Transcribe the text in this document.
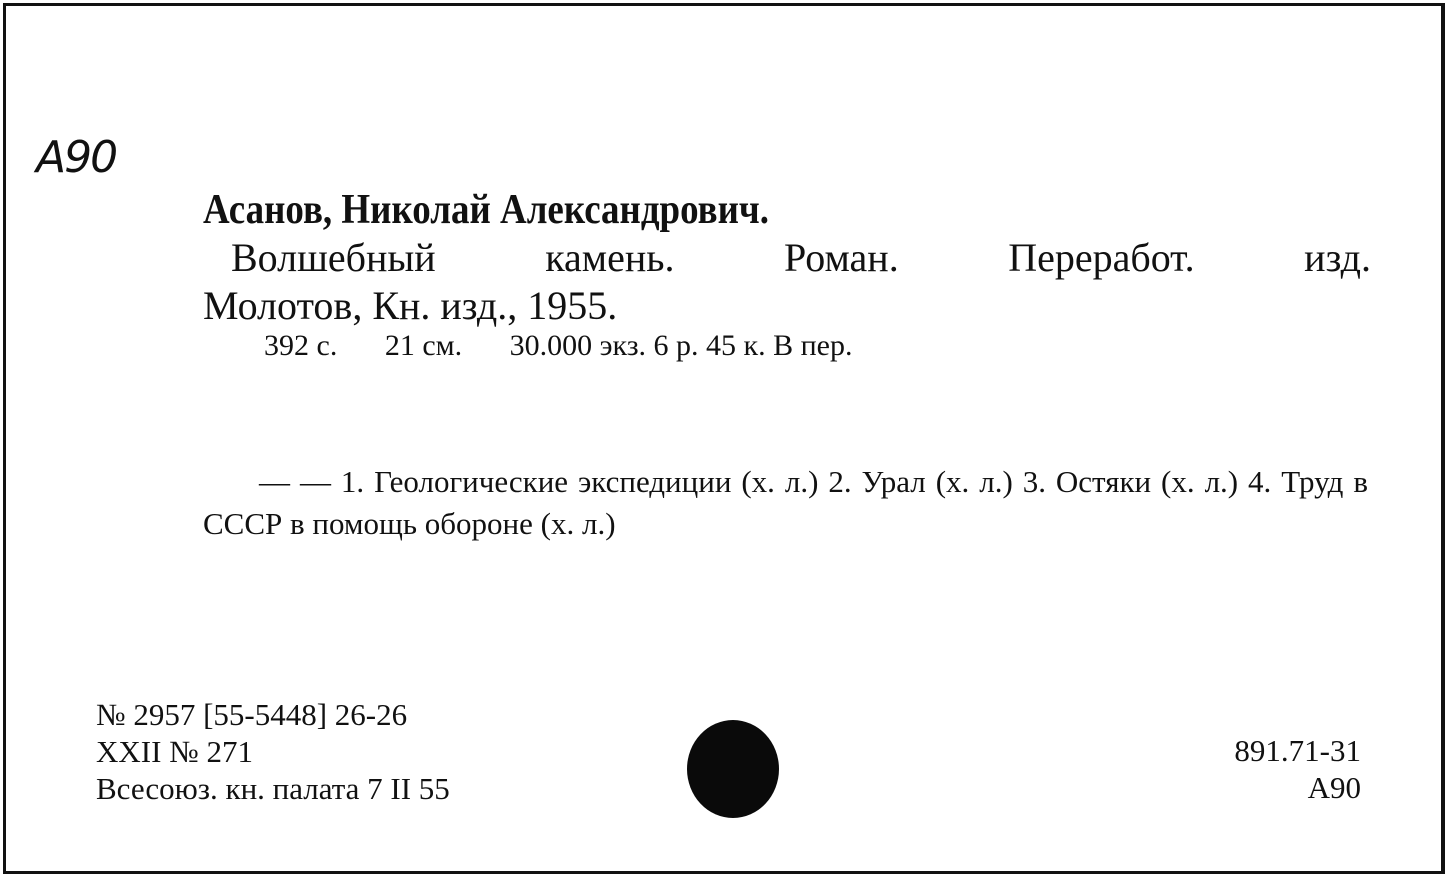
A90
Асанов, Николай Александрович.
Волшебный	камень.	Роман.	Переработ.	изд.
Молотов, Кн. изд., 1955.
392 с. 21 см. 30.000 экз. 6 р. 45 к. В пер.
— — 1. Геологические экспедиции (х. л.) 2. Урал (х. л.) 3. Остяки (х. л.) 4. Труд в СССР в помощь обороне (х. л.)
№ 2957 [55-5448] 26-26
XXII № 271
Всесоюз. кн. палата 7 II 55
891.71-31
A90
